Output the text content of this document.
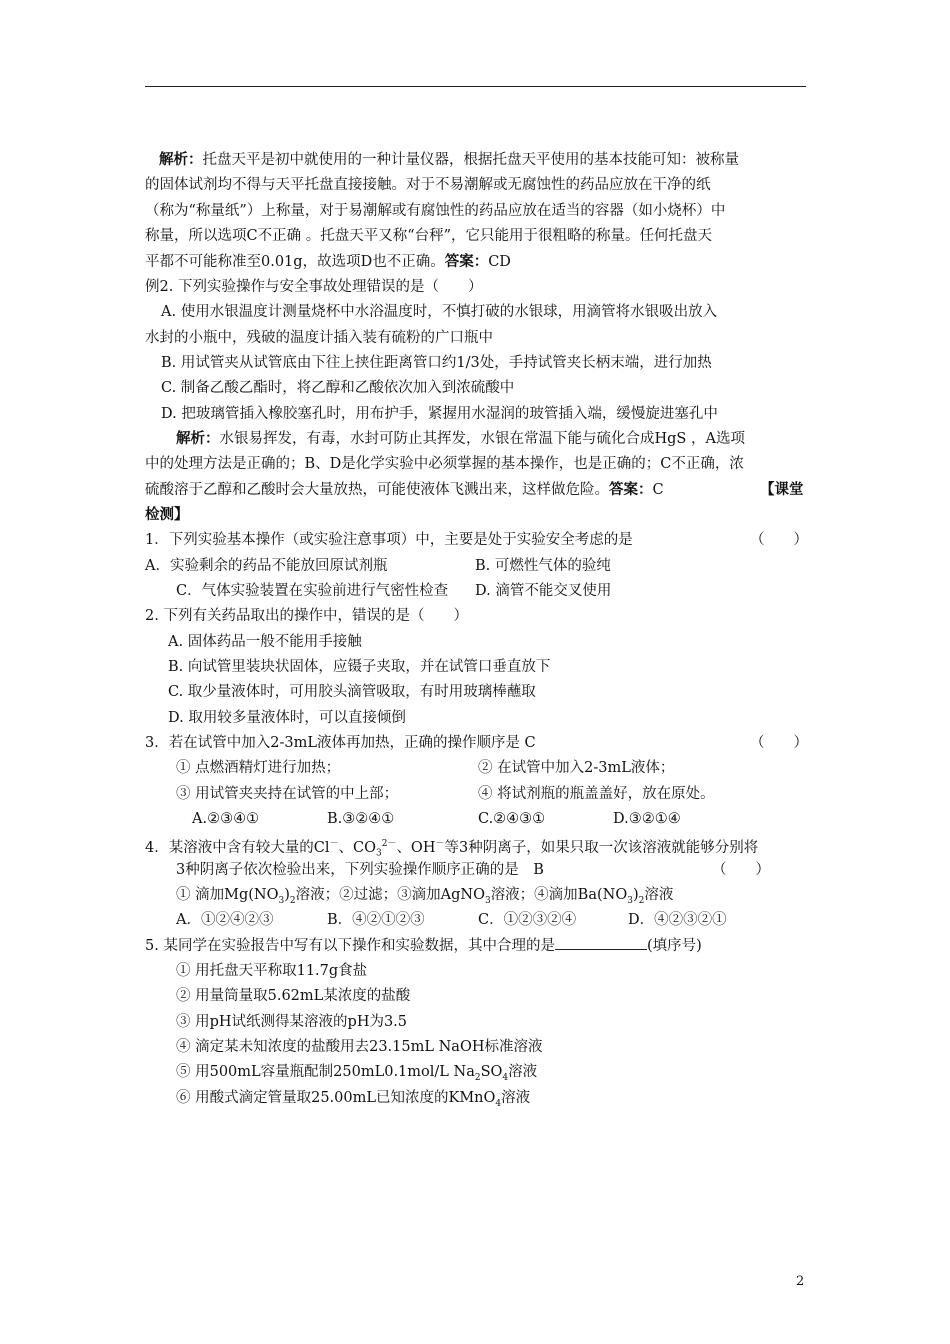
解析：托盘天平是初中就使用的一种计量仪器，根据托盘天平使用的基本技能可知：被称量
的固体试剂均不得与天平托盘直接接触。对于不易潮解或无腐蚀性的药品应放在干净的纸
（称为“称量纸”）上称量，对于易潮解或有腐蚀性的药品应放在适当的容器（如小烧杯）中
称量，所以选项C不正确 。托盘天平又称“台秤”，它只能用于很粗略的称量。任何托盘天
平都不可能称准至0.01g，故选项D也不正确。答案：CD
例2. 下列实验操作与安全事故处理错误的是（　　）
A. 使用水银温度计测量烧杯中水浴温度时，不慎打破的水银球，用滴管将水银吸出放入
水封的小瓶中，残破的温度计插入装有硫粉的广口瓶中
B. 用试管夹从试管底由下往上挟住距离管口约1/3处，手持试管夹长柄末端，进行加热
C. 制备乙酸乙酯时，将乙醇和乙酸依次加入到浓硫酸中
D. 把玻璃管插入橡胶塞孔时，用布护手，紧握用水湿润的玻管插入端，缓慢旋进塞孔中
解析：水银易挥发，有毒，水封可防止其挥发，水银在常温下能与硫化合成HgS ，A选项
中的处理方法是正确的；B、D是化学实验中必须掌握的基本操作，也是正确的；C不正确，浓
硫酸溶于乙醇和乙酸时会大量放热，可能使液体飞溅出来，这样做危险。答案：C	【课堂
检测】
1．下列实验基本操作（或实验注意事项）中，主要是处于实验安全考虑的是	（　　）
A．实验剩余的药品不能放回原试剂瓶	B. 可燃性气体的验纯
C．气体实验装置在实验前进行气密性检查 D. 滴管不能交叉使用
2. 下列有关药品取出的操作中，错误的是（　　）
A. 固体药品一般不能用手接触
B. 向试管里装块状固体，应镊子夹取，并在试管口垂直放下
C. 取少量液体时，可用胶头滴管吸取，有时用玻璃棒蘸取
D. 取用较多量液体时，可以直接倾倒
3．若在试管中加入2-3mL液体再加热，正确的操作顺序是 C	（　　）
① 点燃酒精灯进行加热；	② 在试管中加入2-3mL液体；
③ 用试管夹夹持在试管的中上部；	④ 将试剂瓶的瓶盖盖好，放在原处。
A.②③④①	B.③②④①	C.②④③①	D.③②①④
4．某溶液中含有较大量的Cl－、$CO_3^{2-}$、OH－等3种阴离子，如果只取一次该溶液就能够分别将
3种阴离子依次检验出来，下列实验操作顺序正确的是　B	（　　）
① 滴加$Mg(NO_3)_2$溶液；②过滤；③滴加AgNO$_3$溶液；④滴加$Ba(NO_3)_2$溶液
A．①②④②③	B．④②①②③	C．①②③②④	D．④②③②①
5. 某同学在实验报告中写有以下操作和实验数据，其中合理的是	(填序号)
① 用托盘天平称取11.7g食盐
② 用量筒量取5.62mL某浓度的盐酸
③ 用pH试纸测得某溶液的pH为3.5
④ 滴定某未知浓度的盐酸用去23.15mL NaOH标准溶液
⑤ 用500mL容量瓶配制250mL0.1mol/L $Na_2SO_4$溶液
⑥ 用酸式滴定管量取25.00mL已知浓度的KMnO$_4$溶液
2
